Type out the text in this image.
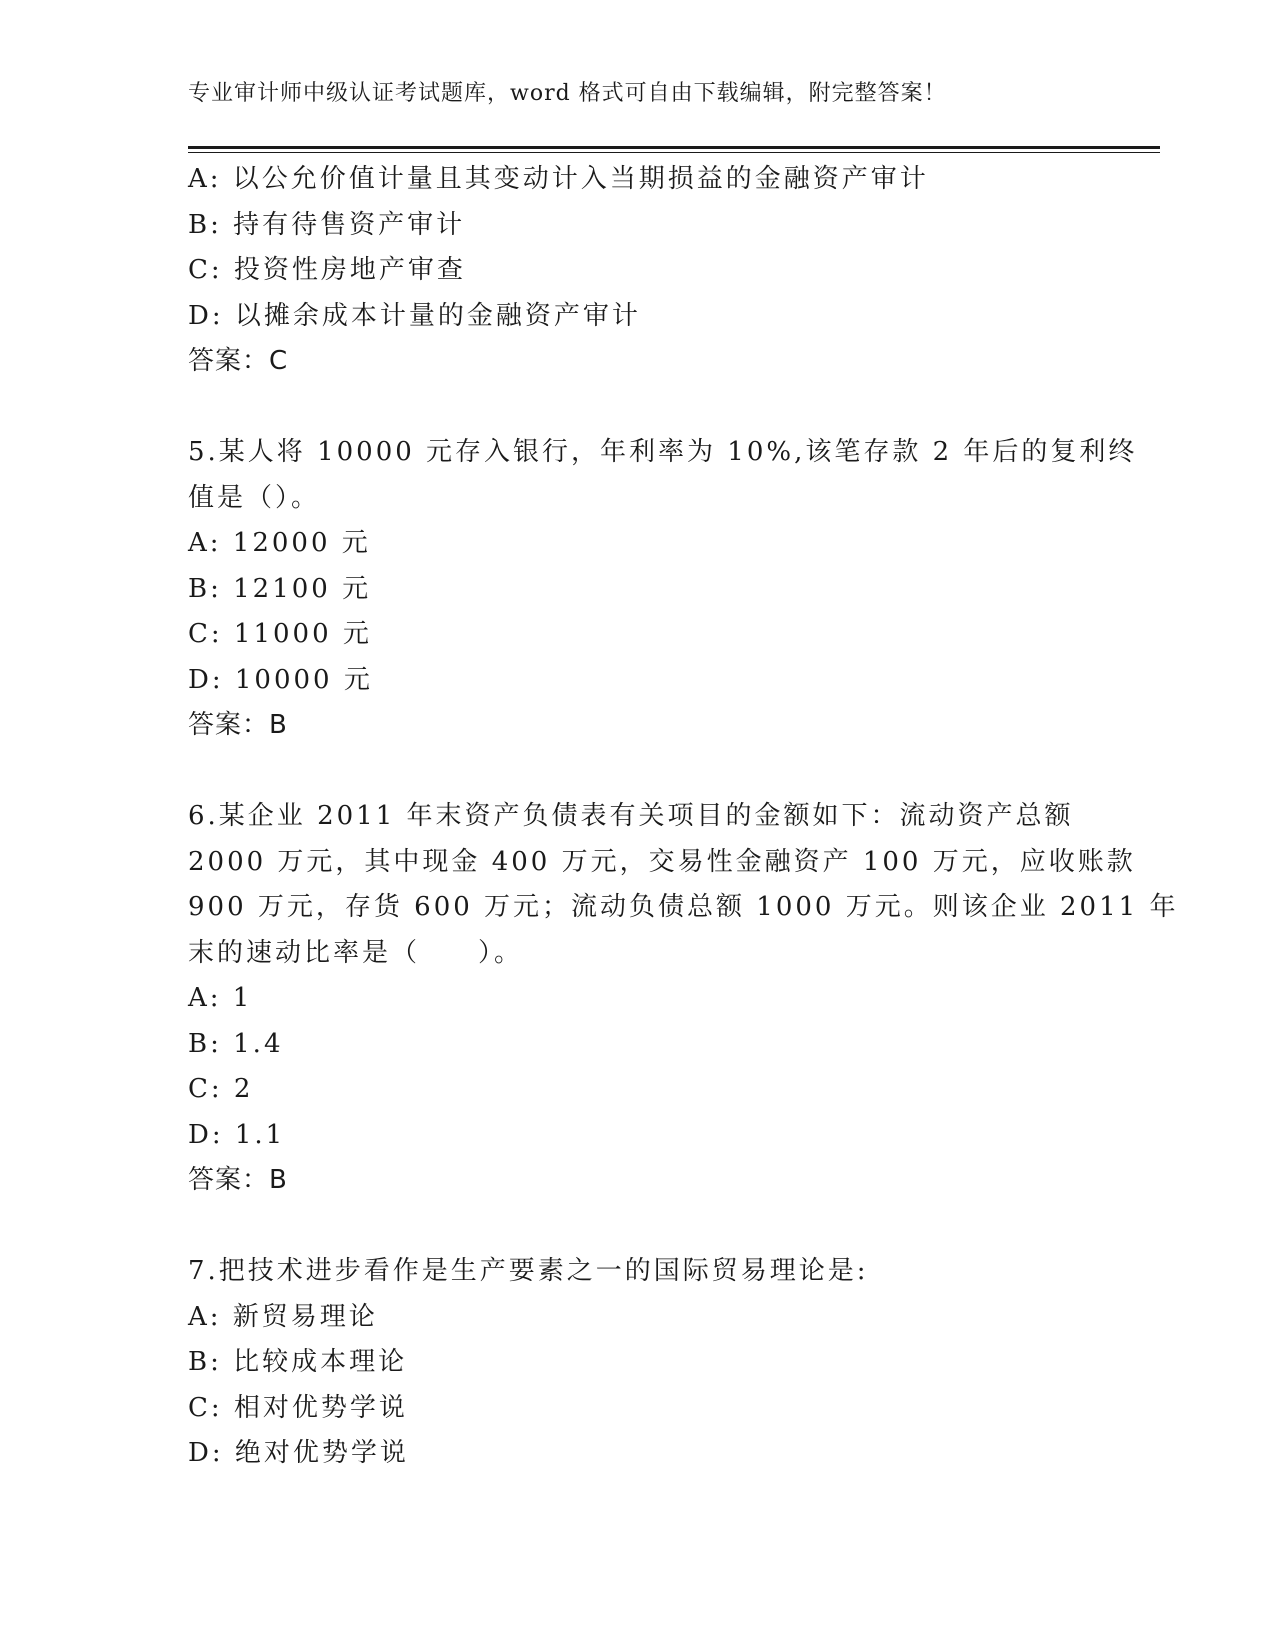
专业审计师中级认证考试题库，word 格式可自由下载编辑，附完整答案！
A: 以公允价值计量且其变动计入当期损益的金融资产审计
B: 持有待售资产审计
C: 投资性房地产审查
D: 以摊余成本计量的金融资产审计
答案：C
5.某人将 10000 元存入银行，年利率为 10%,该笔存款 2 年后的复利终
值是（）。
A: 12000 元
B: 12100 元
C: 11000 元
D: 10000 元
答案：B
6.某企业 2011 年末资产负债表有关项目的金额如下：流动资产总额
2000 万元，其中现金 400 万元，交易性金融资产 100 万元，应收账款
900 万元，存货 600 万元；流动负债总额 1000 万元。则该企业 2011 年
末的速动比率是（　　）。
A: 1
B: 1.4
C: 2
D: 1.1
答案：B
7.把技术进步看作是生产要素之一的国际贸易理论是:
A: 新贸易理论
B: 比较成本理论
C: 相对优势学说
D: 绝对优势学说
